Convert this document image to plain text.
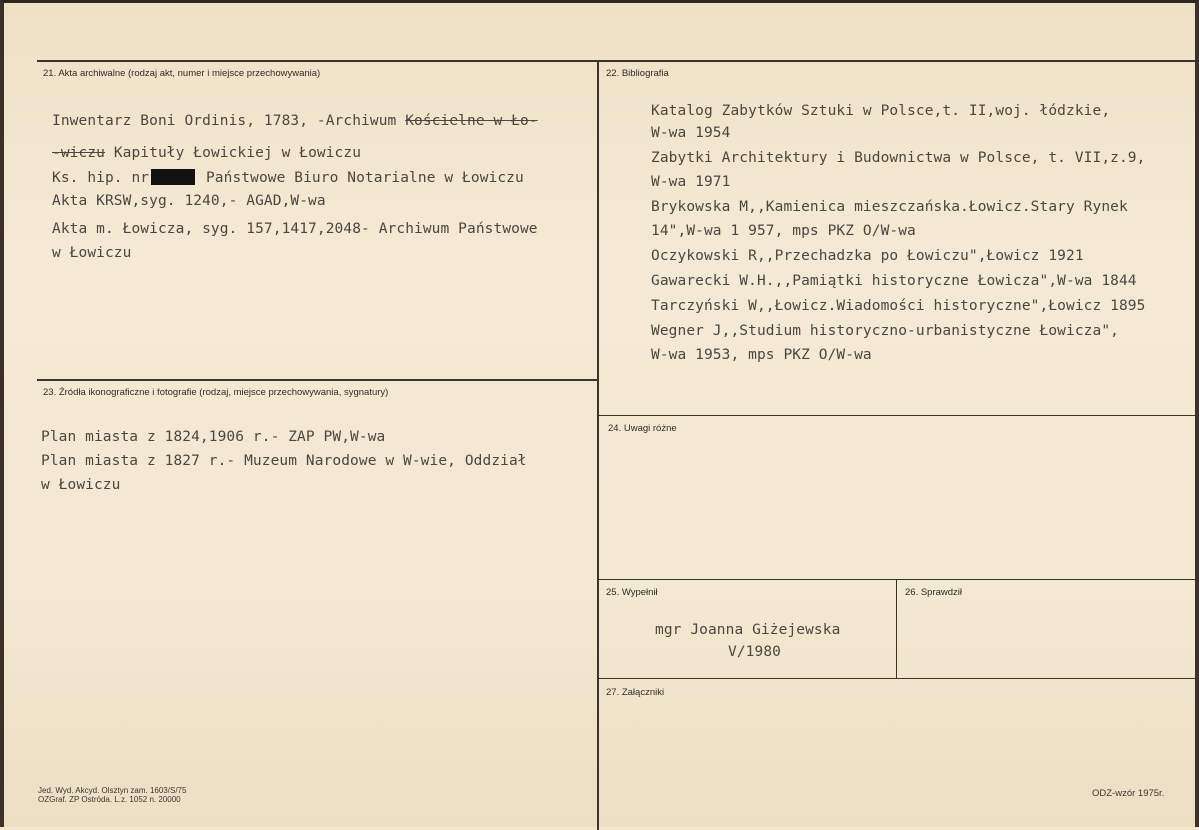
21. Akta archiwalne (rodzaj akt, numer i miejsce przechowywania)
Inwentarz Boni Ordinis, 1783, -Archiwum Kościelne w Ło-
-wiczu Kapituły Łowickiej w Łowiczu
Ks. hip. nr	Państwowe Biuro Notarialne w Łowiczu
Akta KRSW,syg. 1240,- AGAD,W-wa
Akta m. Łowicza, syg. 157,1417,2048- Archiwum Państwowe
w Łowiczu
22. Bibliografia
Katalog Zabytków Sztuki w Polsce,t. II,woj. łódzkie,
W-wa 1954
Zabytki Architektury i Budownictwa w Polsce, t. VII,z.9,
W-wa 1971
Brykowska M,,Kamienica mieszczańska.Łowicz.Stary Rynek
14",W-wa 1 957, mps PKZ O/W-wa
Oczykowski R,,Przechadzka po Łowiczu",Łowicz 1921
Gawarecki W.H.,,Pamiątki historyczne Łowicza",W-wa 1844
Tarczyński W,,Łowicz.Wiadomości historyczne",Łowicz 1895
Wegner J,,Studium historyczno-urbanistyczne Łowicza",
W-wa 1953, mps PKZ O/W-wa
23. Źródła ikonograficzne i fotografie (rodzaj, miejsce przechowywania, sygnatury)
Plan miasta z 1824,1906 r.- ZAP PW,W-wa
Plan miasta z 1827 r.- Muzeum Narodowe w W-wie, Oddział
w Łowiczu
24. Uwagi różne
25. Wypełnił
mgr Joanna Giżejewska
V/1980
26. Sprawdził
27. Załączniki
Jed. Wyd. Akcyd. Olsztyn zam. 1603/S/75
OZGraf. ZP Ostróda. L.z. 1052 n. 20000
ODZ-wzór 1975r.
